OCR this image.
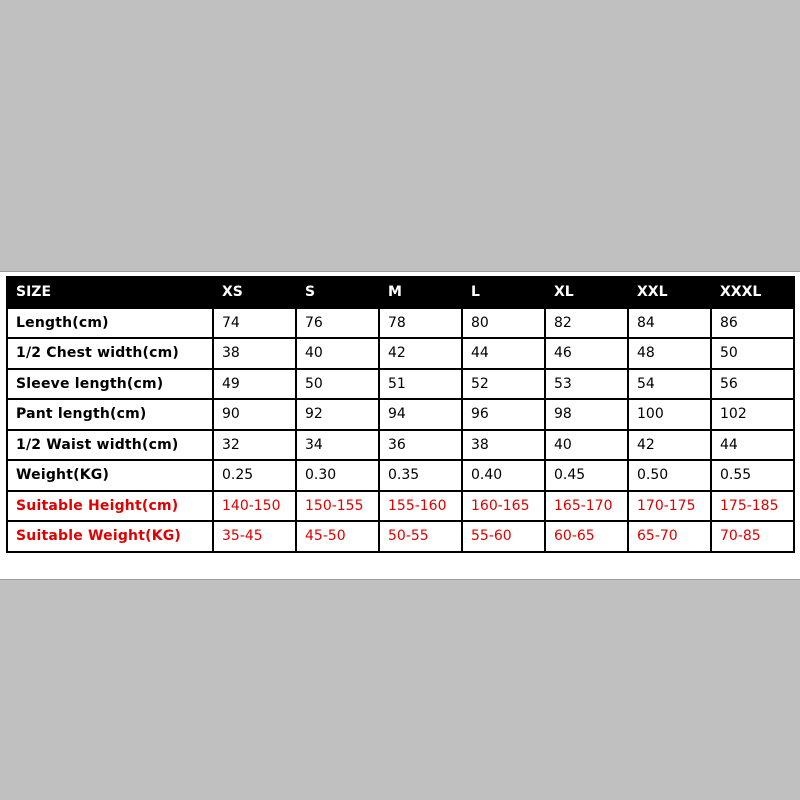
SIZE	XS	S	M	L	XL	XXL	XXXL
Length(cm)	74	76	78	80	82	84	86
1/2 Chest width(cm)	38	40	42	44	46	48	50
Sleeve length(cm)	49	50	51	52	53	54	56
Pant length(cm)	90	92	94	96	98	100	102
1/2 Waist width(cm)	32	34	36	38	40	42	44
Weight(KG)	0.25	0.30	0.35	0.40	0.45	0.50	0.55
Suitable Height(cm)	140-150	150-155	155-160	160-165	165-170	170-175	175-185
Suitable Weight(KG)	35-45	45-50	50-55	55-60	60-65	65-70	70-85
